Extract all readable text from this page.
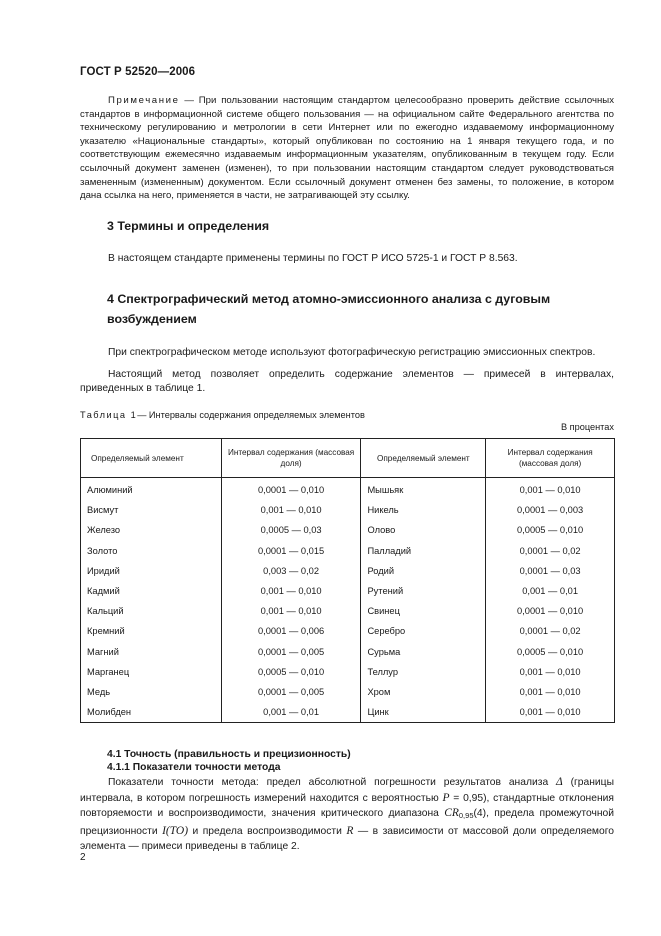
ГОСТ Р 52520—2006
Примечание — При пользовании настоящим стандартом целесообразно проверить действие ссылочных стандартов в информационной системе общего пользования — на официальном сайте Федерального агентства по техническому регулированию и метрологии в сети Интернет или по ежегодно издаваемому информационному указателю «Национальные стандарты», который опубликован по состоянию на 1 января текущего года, и по соответствующим ежемесячно издаваемым информационным указателям, опубликованным в текущем году. Если ссылочный документ заменен (изменен), то при пользовании настоящим стандартом следует руководствоваться замененным (измененным) документом. Если ссылочный документ отменен без замены, то положение, в котором дана ссылка на него, применяется в части, не затрагивающей эту ссылку.
3 Термины и определения
В настоящем стандарте применены термины по ГОСТ Р ИСО 5725-1 и ГОСТ Р 8.563.
4 Спектрографический метод атомно-эмиссионного анализа с дуговым возбуждением
При спектрографическом методе используют фотографическую регистрацию эмиссионных спектров.
Настоящий метод позволяет определить содержание элементов — примесей в интервалах, приведенных в таблице 1.
Таблица 1— Интервалы содержания определяемых элементов
В процентах
Определяемый элемент	Интервал содержания (массовая доля)	Определяемый элемент	Интервал содержания (массовая доля)
Алюминий	0,0001 — 0,010	Мышьяк	0,001 — 0,010
Висмут	0,001 — 0,010	Никель	0,0001 — 0,003
Железо	0,0005 — 0,03	Олово	0,0005 — 0,010
Золото	0,0001 — 0,015	Палладий	0,0001 — 0,02
Иридий	0,003 — 0,02	Родий	0,0001 — 0,03
Кадмий	0,001 — 0,010	Рутений	0,001 — 0,01
Кальций	0,001 — 0,010	Свинец	0,0001 — 0,010
Кремний	0,0001 — 0,006	Серебро	0,0001 — 0,02
Магний	0,0001 — 0,005	Сурьма	0,0005 — 0,010
Марганец	0,0005 — 0,010	Теллур	0,001 — 0,010
Медь	0,0001 — 0,005	Хром	0,001 — 0,010
Молибден	0,001 — 0,01	Цинк	0,001 — 0,010
4.1 Точность (правильность и прецизионность)
4.1.1 Показатели точности метода
Показатели точности метода: предел абсолютной погрешности результатов анализа Δ (границы интервала, в котором погрешность измерений находится с вероятностью P = 0,95), стандартные отклонения повторяемости и воспроизводимости, значения критического диапазона $CR_{0,95}(4)$, предела промежуточной прецизионности I(TO) и предела воспроизводимости R — в зависимости от массовой доли определяемого элемента — примеси приведены в таблице 2.
2
